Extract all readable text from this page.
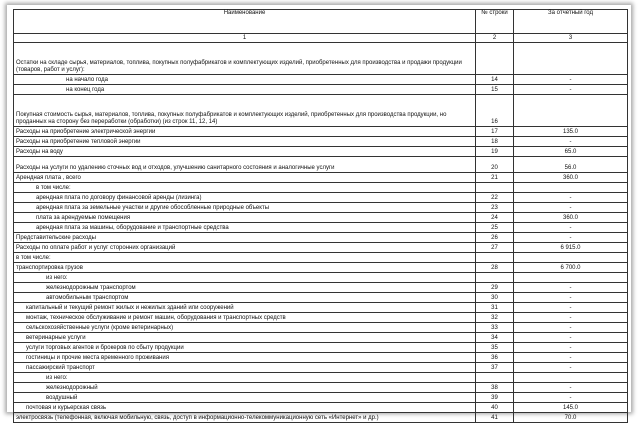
Наименование	№ строки	За отчетный год
1	2	3
Остатки на складе сырья, материалов, топлива, покупных полуфабрикатов и комплектующих изделий, приобретенных для производства и продажи продукции (товаров, работ и услуг):		
на начало года	14	-
на конец года	15	-
Покупная стоимость сырья, материалов, топлива, покупных полуфабрикатов и комплектующих изделий, приобретенных для производства продукции, но проданных на сторону без переработки (обработки) (из строк 11, 12, 14)	16	
Расходы на приобретение электрической энергии	17	135.0
Расходы на приобретение тепловой энергии	18	-
Расходы на воду	19	65.0
Расходы на услуги по удалению сточных вод и отходов, улучшению санитарного состояния и аналогичные услуги	20	56.0
Арендная плата , всего	21	360.0
в том числе:		
арендная плата по договору финансовой аренды (лизинга)	22	-
арендная плата за земельные участки и другие обособленные природные объекты	23	-
плата за арендуемые помещения	24	360.0
арендная плата за машины, оборудование и транспортные средства	25	-
Представительские расходы	26	-
Расходы по оплате работ и услуг сторонних организаций	27	6 915.0
в том числе:		
транспортировка грузов	28	6 700.0
из него:		
железнодорожным транспортом	29	-
автомобильным транспортом	30	-
капитальный и текущий ремонт жилых и нежилых зданий или сооружений	31	-
монтаж, техническое обслуживание и ремонт машин, оборудования и транспортных средств	32	-
сельскохозяйственные услуги (кроме ветеринарных)	33	-
ветеринарные услуги	34	-
услуги торговых агентов и брокеров по сбыту продукции	35	-
гостиницы и прочие места временного проживания	36	-
пассажирский транспорт	37	-
из него:		
железнодорожный	38	-
воздушный	39	-
почтовая и курьерская связь	40	145.0
электросвязь (телефонная, включая мобильную, связь, доступ в информационно-телекоммуникационную сеть «Интернет» и др.)	41	70.0
